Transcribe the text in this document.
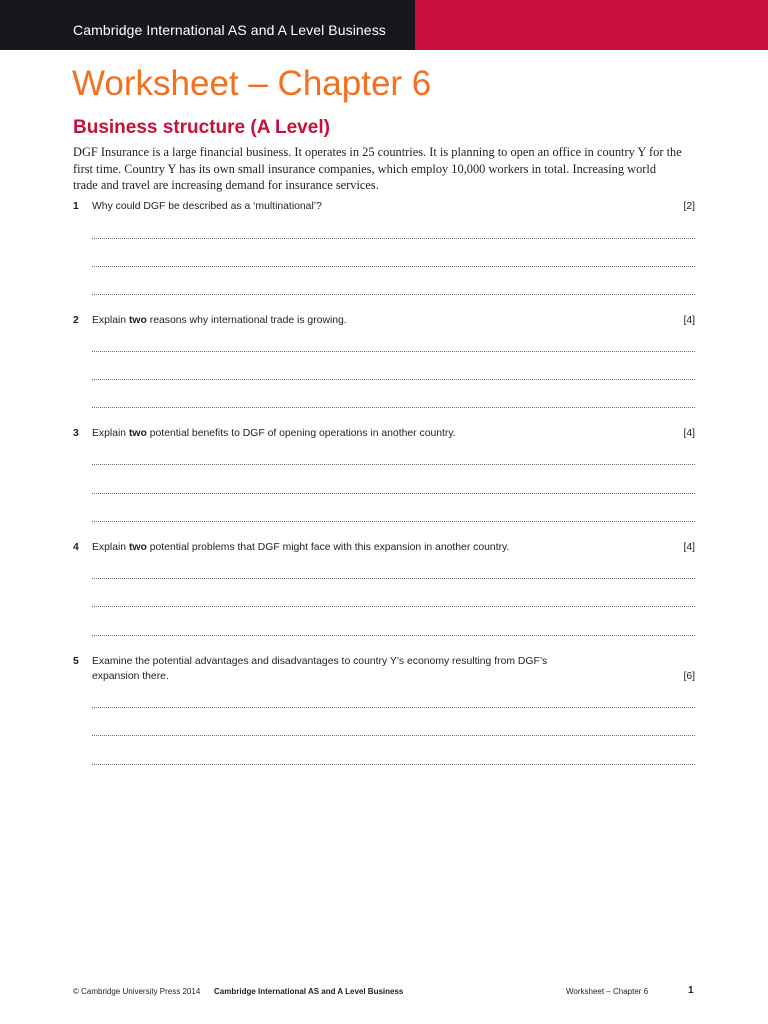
Cambridge International AS and A Level Business
Worksheet – Chapter 6
Business structure (A Level)

DGF Insurance is a large financial business. It operates in 25 countries. It is planning to open an office in country Y for the first time. Country Y has its own small insurance companies, which employ 10,000 workers in total. Increasing world trade and travel are increasing demand for insurance services.

1 Why could DGF be described as a ‘multinational’?	[2]
2 Explain two reasons why international trade is growing.	[4]
3 Explain two potential benefits to DGF of opening operations in another country.	[4]
4 Explain two potential problems that DGF might face with this expansion in another country.	[4]
5 Examine the potential advantages and disadvantages to country Y’s economy resulting from DGF’s expansion there.	[6]
© Cambridge University Press 2014 Cambridge International AS and A Level Business	Worksheet – Chapter 6	1
